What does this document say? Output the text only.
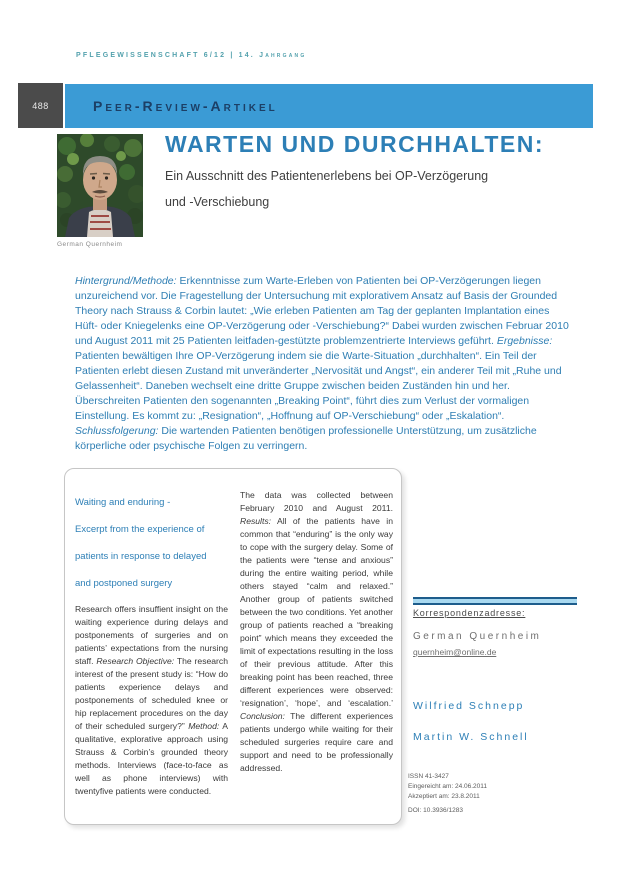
PFLEGEWISSENSCHAFT 6/12 | 14. Jahrgang
488	Peer-Review-Artikel
German Quernheim
WARTEN UND DURCHHALTEN:
Ein Ausschnitt des Patientenerlebens bei OP-Verzögerung
und -Verschiebung
Hintergrund/Methode: Erkenntnisse zum Warte-Erleben von Patienten bei OP-Verzögerungen liegen unzureichend vor. Die Fragestellung der Untersuchung mit explorativem Ansatz auf Basis der Grounded Theory nach Strauss & Corbin lautet: „Wie erleben Patienten am Tag der geplanten Implantation eines Hüft- oder Kniegelenks eine OP-Verzögerung oder -Verschiebung?“ Dabei wurden zwischen Februar 2010 und August 2011 mit 25 Patienten leitfaden-gestützte problemzentrierte Interviews geführt. Ergebnisse: Patienten bewältigen Ihre OP-Verzögerung indem sie die Warte-Situation „durchhalten“. Ein Teil der Patienten erlebt diesen Zustand mit unveränderter „Nervosität und Angst“, ein anderer Teil mit „Ruhe und Gelassenheit“. Daneben wechselt eine dritte Gruppe zwischen beiden Zuständen hin und her. Überschreiten Patienten den sogenannten „Breaking Point“, führt dies zum Verlust der vormaligen Einstellung. Es kommt zu: „Resignation“, „Hoffnung auf OP-Verschiebung“ oder „Eskalation“. Schlussfolgerung: Die wartenden Patienten benötigen professionelle Unterstützung, um zusätzliche körperliche oder psychische Folgen zu verringern.
Waiting and enduring -
Excerpt from the experience of
patients in response to delayed
and postponed surgery
Research offers insuffient insight on the waiting experience during delays and postponements of surgeries and on patients’ expectations from the nursing staff. Research Objective: The research interest of the present study is: “How do patients experience delays and postponements of scheduled knee or hip replacement procedures on the day of their scheduled surgery?” Method: A qualitative, explorative approach using Strauss & Corbin’s grounded theory methods. Interviews (face-to-face as well as phone interviews) with twentyfive patients were conducted.
The data was collected between February 2010 and August 2011. Results: All of the patients have in common that “enduring” is the only way to cope with the surgery delay. Some of the patients were “tense and anxious” during the entire waiting period, while others stayed “calm and relaxed.” Another group of patients switched between the two conditions. Yet another group of patients reached a “breaking point” which means they exceeded the limit of expectations resulting in the loss of their previous attitude. After this breaking point has been reached, three different experiences were observed: ‘resignation’, ‘hope’, and ‘escalation.’ Conclusion: The different experiences patients undergo while waiting for their scheduled surgeries require care and support and need to be professionally addressed.
Korrespondenzadresse:
German Quernheim
quernheim@online.de
Wilfried Schnepp
Martin W. Schnell
ISSN 41-3427
Eingereicht am: 24.06.2011
Akzeptiert am: 23.8.2011
DOI: 10.3936/1283
